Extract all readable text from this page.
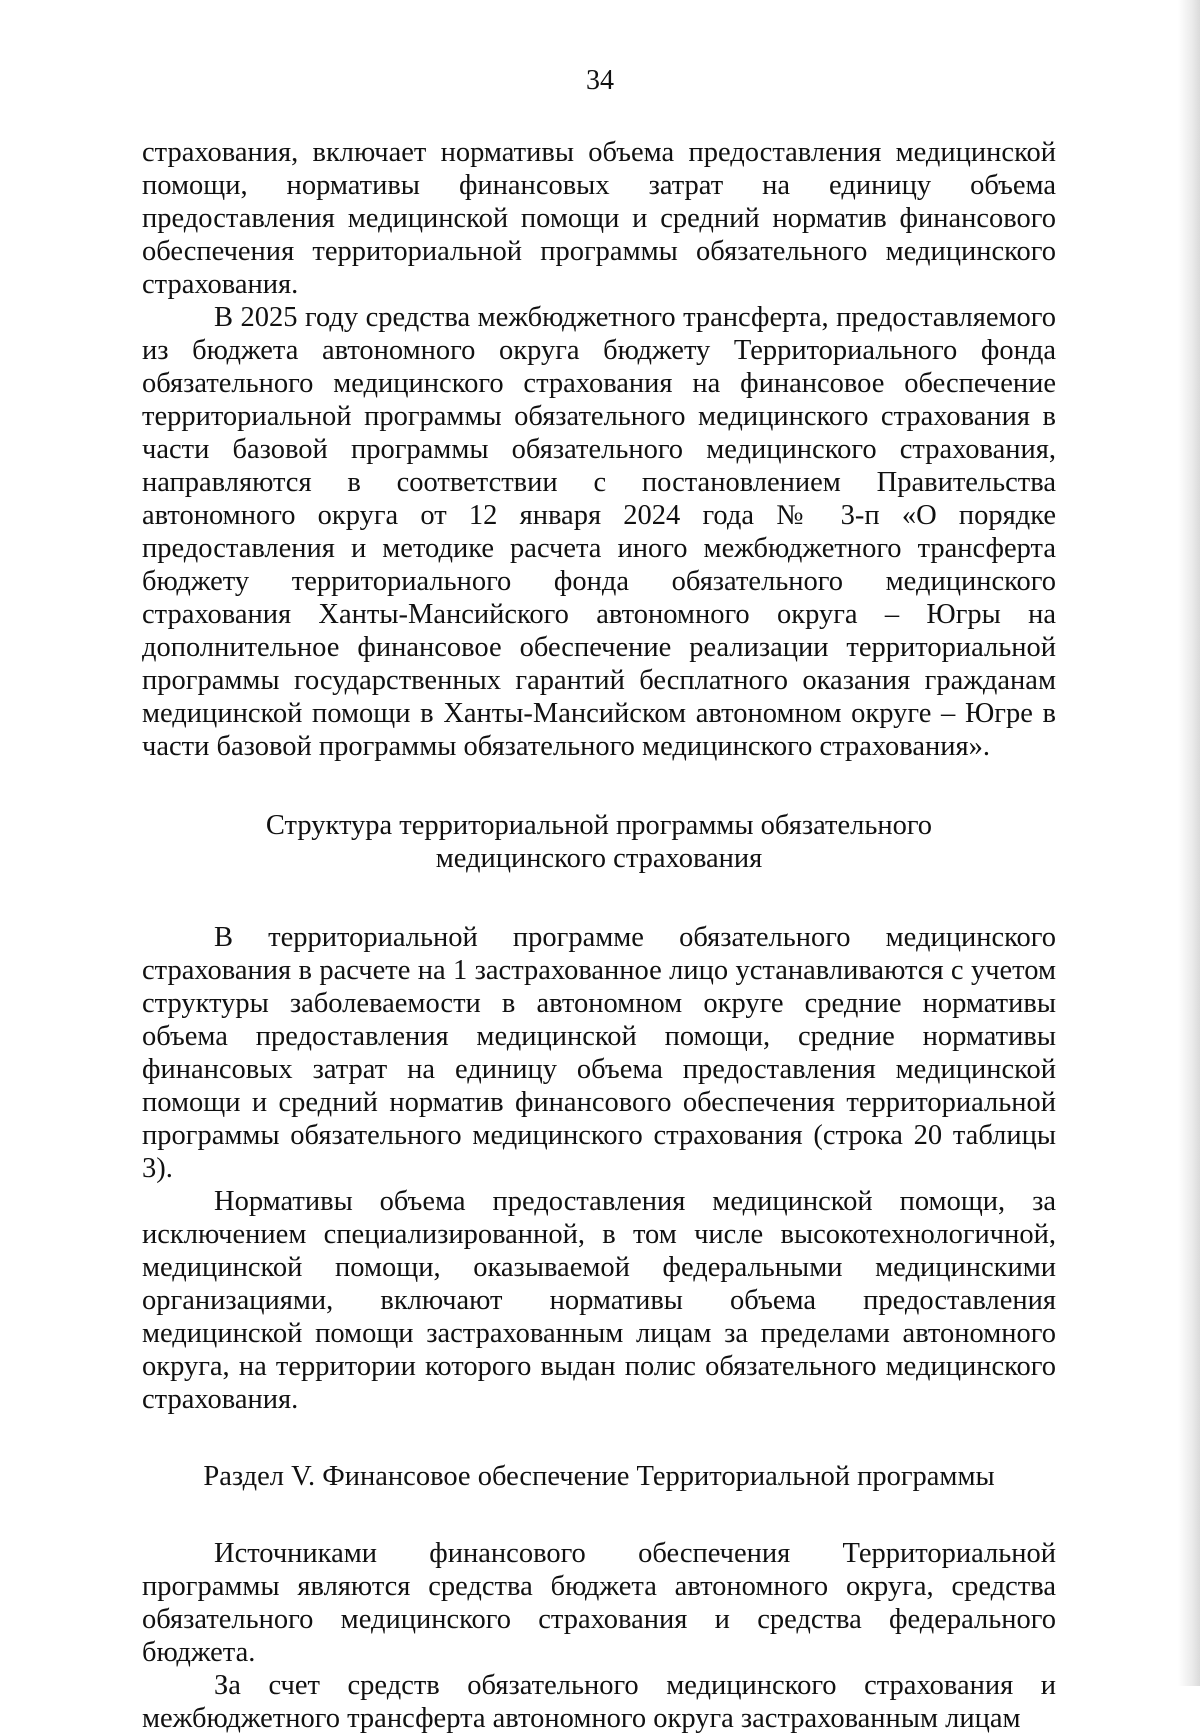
34

страхования, включает нормативы объема предоставления медицинской помощи, нормативы финансовых затрат на единицу объема предоставления медицинской помощи и средний норматив финансового обеспечения территориальной программы обязательного медицинского страхования.

В 2025 году средства межбюджетного трансферта, предоставляемого из бюджета автономного округа бюджету Территориального фонда обязательного медицинского страхования на финансовое обеспечение территориальной программы обязательного медицинского страхования в части базовой программы обязательного медицинского страхования, направляются в соответствии с постановлением Правительства автономного округа от 12 января 2024 года № 3-п «О порядке предоставления и методике расчета иного межбюджетного трансферта бюджету территориального фонда обязательного медицинского страхования Ханты-Мансийского автономного округа – Югры на дополнительное финансовое обеспечение реализации территориальной программы государственных гарантий бесплатного оказания гражданам медицинской помощи в Ханты-Мансийском автономном округе – Югре в части базовой программы обязательного медицинского страхования».

Структура территориальной программы обязательного

медицинского страхования

В территориальной программе обязательного медицинского страхования в расчете на 1 застрахованное лицо устанавливаются с учетом структуры заболеваемости в автономном округе средние нормативы объема предоставления медицинской помощи, средние нормативы финансовых затрат на единицу объема предоставления медицинской помощи и средний норматив финансового обеспечения территориальной программы обязательного медицинского страхования (строка 20 таблицы 3).

Нормативы объема предоставления медицинской помощи, за исключением специализированной, в том числе высокотехнологичной, медицинской помощи, оказываемой федеральными медицинскими организациями, включают нормативы объема предоставления медицинской помощи застрахованным лицам за пределами автономного округа, на территории которого выдан полис обязательного медицинского страхования.

Раздел V. Финансовое обеспечение Территориальной программы

Источниками финансового обеспечения Территориальной программы являются средства бюджета автономного округа, средства обязательного медицинского страхования и средства федерального бюджета.

За счет средств обязательного медицинского страхования и межбюджетного трансферта автономного округа застрахованным лицам
